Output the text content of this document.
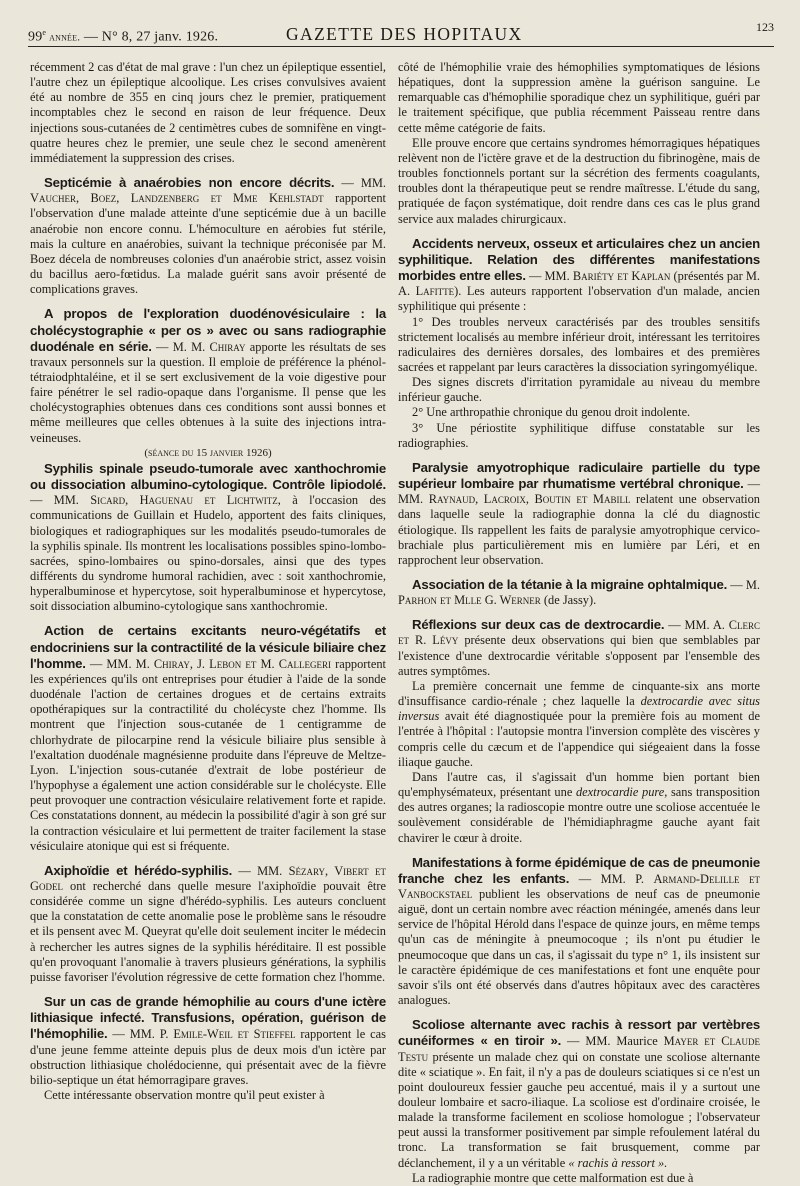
99e année. — N° 8, 27 janv. 1926.	GAZETTE DES HOPITAUX	123

récemment 2 cas d'état de mal grave : l'un chez un épileptique essentiel, l'autre chez un épileptique alcoolique. Les crises convulsives avaient été au nombre de 355 en cinq jours chez le premier, pratiquement incomptables chez le second en raison de leur fréquence. Deux injections sous-cutanées de 2 centimètres cubes de somnifène en vingt-quatre heures chez le premier, une seule chez le second amenèrent immédiatement la suppression des crises.

Septicémie à anaérobies non encore décrits. — MM. Vaucher, Boez, Landzenberg et Mme Kehlstadt rapportent l'observation d'une malade atteinte d'une septicémie due à un bacille anaérobie non encore connu. L'hémoculture en aérobies fut stérile, mais la culture en anaérobies, suivant la technique préconisée par M. Boez décela de nombreuses colonies d'un anaérobie strict, assez voisin du bacillus aero-fœtidus. La malade guérit sans avoir présenté de complications graves.

A propos de l'exploration duodénovésiculaire : la cholécystographie « per os » avec ou sans radiographie duodénale en série. — M. M. Chiray apporte les résultats de ses travaux personnels sur la question. Il emploie de préférence la phénol-tétraiodphtaléine, et il se sert exclusivement de la voie digestive pour faire pénétrer le sel radio-opaque dans l'organisme. Il pense que les cholécystographies obtenues dans ces conditions sont aussi bonnes et même meilleures que celles obtenues à la suite des injections intra-veineuses.

(séance du 15 janvier 1926)

Syphilis spinale pseudo-tumorale avec xanthochromie ou dissociation albumino-cytologique. Contrôle lipiodolé. — MM. Sicard, Haguenau et Lichtwitz, à l'occasion des communications de Guillain et Hudelo, apportent des faits cliniques, biologiques et radiographiques sur les modalités pseudo-tumorales de la syphilis spinale. Ils montrent les localisations possibles spino-lombo-sacrées, spino-lombaires ou spino-dorsales, ainsi que des types différents du syndrome humoral rachidien, avec : soit xanthochromie, hyperalbuminose et hypercytose, soit hyperalbuminose et hypercytose, soit dissociation albumino-cytologique sans xanthochromie.

Action de certains excitants neuro-végétatifs et endocriniens sur la contractilité de la vésicule biliaire chez l'homme. — MM. M. Chiray, J. Lebon et M. Callegeri rapportent les expériences qu'ils ont entreprises pour étudier à l'aide de la sonde duodénale l'action de certaines drogues et de certains extraits opothérapiques sur la contractilité du cholécyste chez l'homme. Ils montrent que l'injection sous-cutanée de 1 centigramme de chlorhydrate de pilocarpine rend la vésicule biliaire plus sensible à l'exaltation duodénale magnésienne produite dans l'épreuve de Meltze-Lyon. L'injection sous-cutanée d'extrait de lobe postérieur de l'hypophyse a également une action considérable sur le cholécyste. Elle peut provoquer une contraction vésiculaire relativement forte et rapide. Ces constatations donnent, au médecin la possibilité d'agir à son gré sur la contraction vésiculaire et lui permettent de traiter facilement la stase vésiculaire atonique qui est si fréquente.

Axiphoïdie et hérédo-syphilis. — MM. Sézary, Vibert et Godel ont recherché dans quelle mesure l'axiphoïdie pouvait être considérée comme un signe d'hérédo-syphilis. Les auteurs concluent que la constatation de cette anomalie pose le problème sans le résoudre et ils pensent avec M. Queyrat qu'elle doit seulement inciter le médecin à rechercher les autres signes de la syphilis héréditaire. Il est possible qu'en provoquant l'anomalie à travers plusieurs générations, la syphilis puisse favoriser l'évolution régressive de cette formation chez l'homme.

Sur un cas de grande hémophilie au cours d'une ictère lithiasique infecté. Transfusions, opération, guérison de l'hémophilie. — MM. P. Emile-Weil et Stieffel rapportent le cas d'une jeune femme atteinte depuis plus de deux mois d'un ictère par obstruction lithiasique cholédocienne, qui présentait avec de la fièvre bilio-septique un état hémorragipare graves.

Cette intéressante observation montre qu'il peut exister à

côté de l'hémophilie vraie des hémophilies symptomatiques de lésions hépatiques, dont la suppression amène la guérison sanguine. Le remarquable cas d'hémophilie sporadique chez un syphilitique, guéri par le traitement spécifique, que publia récemment Paisseau rentre dans cette même catégorie de faits.

Elle prouve encore que certains syndromes hémorragiques hépatiques relèvent non de l'ictère grave et de la destruction du fibrinogène, mais de troubles fonctionnels portant sur la sécrétion des ferments coagulants, troubles dont la thérapeutique peut se rendre maîtresse. L'étude du sang, pratiquée de façon systématique, doit rendre dans ces cas le plus grand service aux malades chirurgicaux.

Accidents nerveux, osseux et articulaires chez un ancien syphilitique. Relation des différentes manifestations morbides entre elles. — MM. Bariéty et Kaplan (présentés par M. A. Lafitte). Les auteurs rapportent l'observation d'un malade, ancien syphilitique qui présente :

1° Des troubles nerveux caractérisés par des troubles sensitifs strictement localisés au membre inférieur droit, intéressant les territoires radiculaires des dernières dorsales, des lombaires et des premières sacrées et rappelant par leurs caractères la dissociation syringomyélique.

Des signes discrets d'irritation pyramidale au niveau du membre inférieur gauche.

2° Une arthropathie chronique du genou droit indolente.

3° Une périostite syphilitique diffuse constatable sur les radiographies.

Paralysie amyotrophique radiculaire partielle du type supérieur lombaire par rhumatisme vertébral chronique. — MM. Raynaud, Lacroix, Boutin et Mabill relatent une observation dans laquelle seule la radiographie donna la clé du diagnostic étiologique. Ils rappellent les faits de paralysie amyotrophique cervico-brachiale plus particulièrement mis en lumière par Léri, et en rapprochent leur observation.

Association de la tétanie à la migraine ophtalmique. — M. Parhon et Mlle G. Werner (de Jassy).

Réflexions sur deux cas de dextrocardie. — MM. A. Clerc et R. Lévy présente deux observations qui bien que semblables par l'existence d'une dextrocardie véritable s'opposent par l'ensemble des autres symptômes.

La première concernait une femme de cinquante-six ans morte d'insuffisance cardio-rénale ; chez laquelle la dextrocardie avec situs inversus avait été diagnostiquée pour la première fois au moment de l'entrée à l'hôpital : l'autopsie montra l'inversion complète des viscères y compris celle du cæcum et de l'appendice qui siégeaient dans la fosse iliaque gauche.

Dans l'autre cas, il s'agissait d'un homme bien portant bien qu'emphysémateux, présentant une dextrocardie pure, sans transposition des autres organes; la radioscopie montre outre une scoliose accentuée le soulèvement considérable de l'hémidiaphragme gauche ayant fait chavirer le cœur à droite.

Manifestations à forme épidémique de cas de pneumonie franche chez les enfants. — MM. P. Armand-Delille et Vanbockstael publient les observations de neuf cas de pneumonie aiguë, dont un certain nombre avec réaction méningée, amenés dans leur service de l'hôpital Hérold dans l'espace de quinze jours, en même temps qu'un cas de méningite à pneumocoque ; ils n'ont pu étudier le pneumocoque que dans un cas, il s'agissait du type n° 1, ils insistent sur le caractère épidémique de ces manifestations et font une enquête pour savoir s'ils ont été observés dans d'autres hôpitaux avec des caractères analogues.

Scoliose alternante avec rachis à ressort par vertèbres cunéiformes « en tiroir ». — MM. Maurice Mayer et Claude Testu présente un malade chez qui on constate une scoliose alternante dite « sciatique ». En fait, il n'y a pas de douleurs sciatiques si ce n'est un point douloureux fessier gauche peu accentué, mais il y a surtout une douleur lombaire et sacro-iliaque. La scoliose est d'ordinaire croisée, le malade la transforme facilement en scoliose homologue ; l'observateur peut aussi la transformer positivement par simple refoulement latéral du tronc. La transformation se fait brusquement, comme par déclanchement, il y a un véritable « rachis à ressort ».

La radiographie montre que cette malformation est due à
